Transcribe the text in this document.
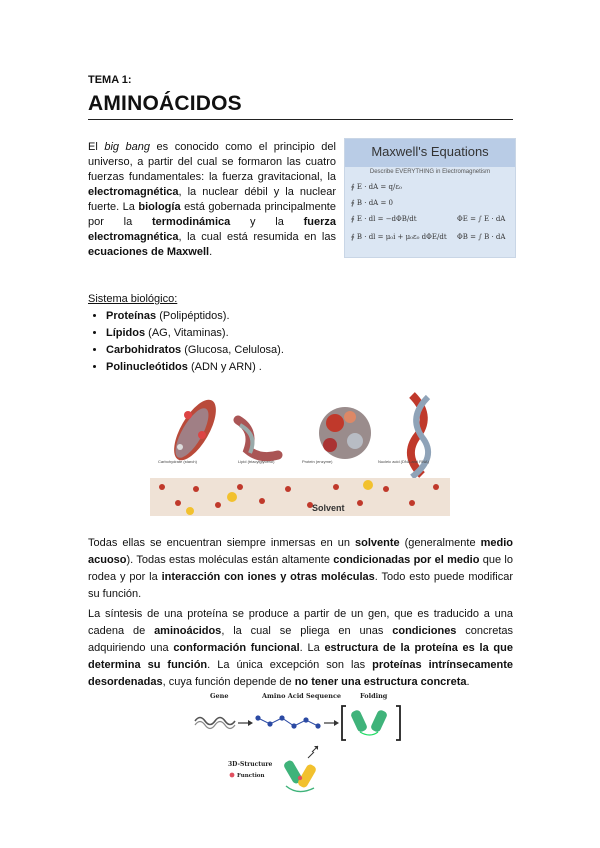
TEMA 1:
AMINOÁCIDOS
El big bang es conocido como el principio del universo, a partir del cual se formaron las cuatro fuerzas fundamentales: la fuerza gravitacional, la electromagnética, la nuclear débil y la nuclear fuerte. La biología está gobernada principalmente por la termodinámica y la fuerza electromagnética, la cual está resumida en las ecuaciones de Maxwell.
Maxwell's Equations
Describe EVERYTHING in Electromagnetism
∮ E · dA = q/ε₀
∮ B · dA = 0
∮ E · dl = −dΦB/dt
∮ B · dl = μ₀i + μ₀ε₀ dΦE/dt
ΦE = ∫ E · dA
ΦB = ∫ B · dA
Sistema biológico:
• Proteínas (Polipéptidos).
• Lípidos (AG, Vitaminas).
• Carbohidratos (Glucosa, Celulosa).
• Polinucleótidos (ADN y ARN) .
Carbohydrate (starch)	Lipid (triacylglycerol)	Protein (enzyme)	Nucleic acid (DNA and RNA)
Solvent
Todas ellas se encuentran siempre inmersas en un solvente (generalmente medio acuoso). Todas estas moléculas están altamente condicionadas por el medio que lo rodea y por la interacción con iones y otras moléculas. Todo esto puede modificar su función.
La síntesis de una proteína se produce a partir de un gen, que es traducido a una cadena de aminoácidos, la cual se pliega en unas condiciones concretas adquiriendo una conformación funcional. La estructura de la proteína es la que determina su función. La única excepción son las proteínas intrínsecamente desordenadas, cuya función depende de no tener una estructura concreta.
Gene	Amino Acid Sequence	Folding
3D-Structure
Function
